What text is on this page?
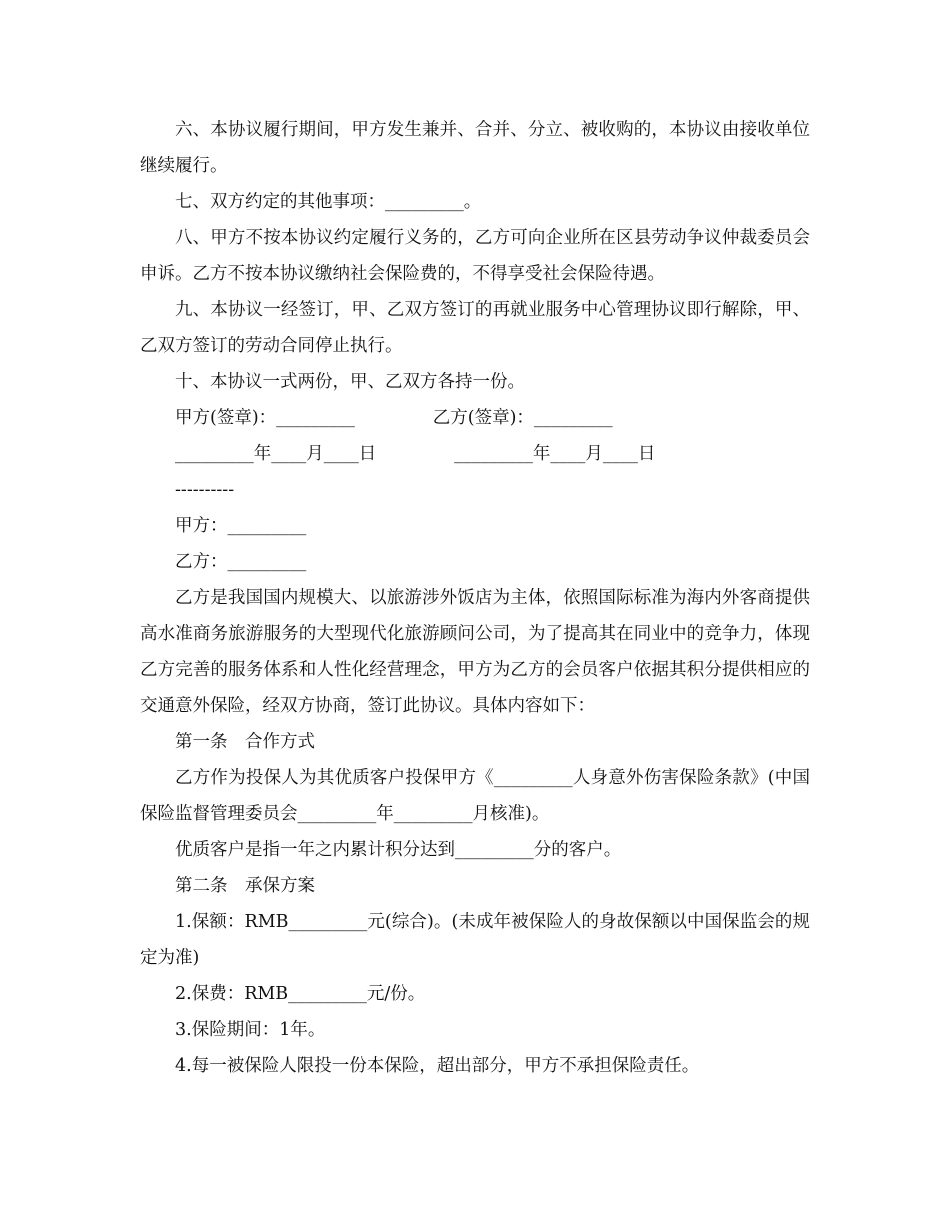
六、本协议履行期间，甲方发生兼并、合并、分立、被收购的，本协议由接收单位继续履行。

七、双方约定的其他事项：_________。

八、甲方不按本协议约定履行义务的，乙方可向企业所在区县劳动争议仲裁委员会申诉。乙方不按本协议缴纳社会保险费的，不得享受社会保险待遇。

九、本协议一经签订，甲、乙双方签订的再就业服务中心管理协议即行解除，甲、乙双方签订的劳动合同停止执行。

十、本协议一式两份，甲、乙双方各持一份。

甲方(签章)：_________              乙方(签章)：_________

_________年____月____日              _________年____月____日

----------

甲方：_________

乙方：_________

乙方是我国国内规模大、以旅游涉外饭店为主体，依照国际标准为海内外客商提供高水准商务旅游服务的大型现代化旅游顾问公司，为了提高其在同业中的竞争力，体现乙方完善的服务体系和人性化经营理念，甲方为乙方的会员客户依据其积分提供相应的交通意外保险，经双方协商，签订此协议。具体内容如下：

第一条　合作方式

乙方作为投保人为其优质客户投保甲方《_________人身意外伤害保险条款》(中国保险监督管理委员会_________年_________月核准)。

优质客户是指一年之内累计积分达到_________分的客户。

第二条　承保方案

1.保额：RMB_________元(综合)。(未成年被保险人的身故保额以中国保监会的规定为准)

2.保费：RMB_________元/份。

3.保险期间：1年。

4.每一被保险人限投一份本保险，超出部分，甲方不承担保险责任。
